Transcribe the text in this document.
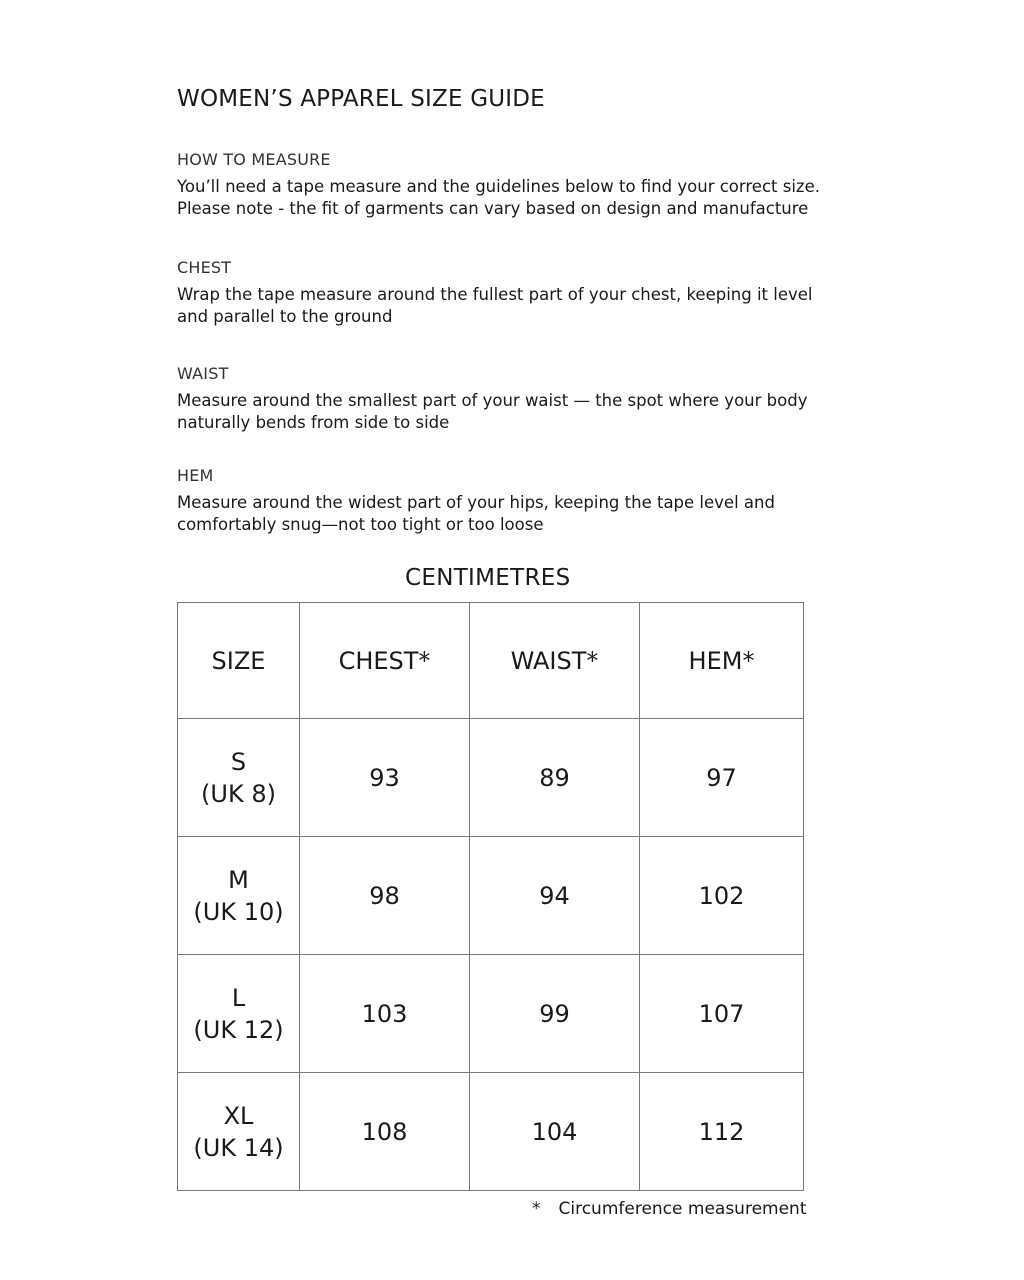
WOMEN’S APPAREL SIZE GUIDE

HOW TO MEASURE

You’ll need a tape measure and the guidelines below to find your correct size.
Please note - the fit of garments can vary based on design and manufacture

CHEST

Wrap the tape measure around the fullest part of your chest, keeping it level
and parallel to the ground

WAIST

Measure around the smallest part of your waist — the spot where your body
naturally bends from side to side

HEM

Measure around the widest part of your hips, keeping the tape level and
comfortably snug—not too tight or too loose

CENTIMETRES
SIZE	CHEST*	WAIST*	HEM*

S
(UK 8)	93	89	97

M
(UK 10)	98	94	102

L
(UK 12)	103	99	107

XL
(UK 14)	108	104	112
* Circumference measurement
